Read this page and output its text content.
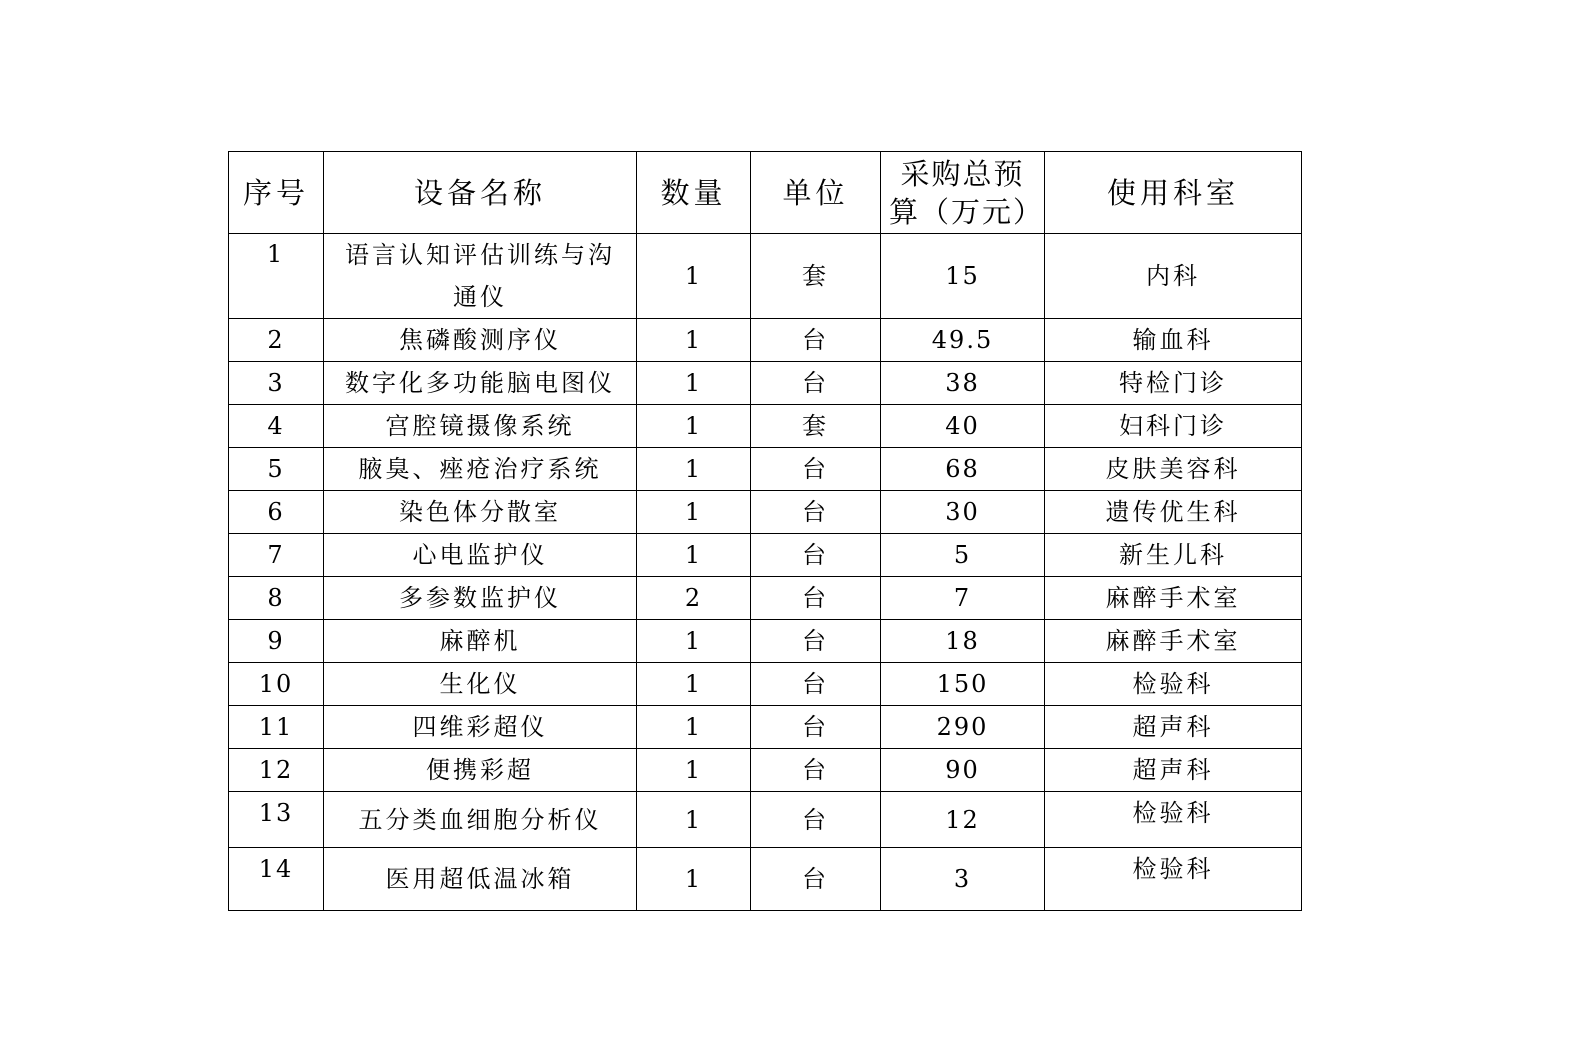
序号	设备名称	数量	单位	采购总预算（万元）	使用科室
1	语言认知评估训练与沟通仪	1	套	15	内科
2	焦磷酸测序仪	1	台	49.5	输血科
3	数字化多功能脑电图仪	1	台	38	特检门诊
4	宫腔镜摄像系统	1	套	40	妇科门诊
5	腋臭、痤疮治疗系统	1	台	68	皮肤美容科
6	染色体分散室	1	台	30	遗传优生科
7	心电监护仪	1	台	5	新生儿科
8	多参数监护仪	2	台	7	麻醉手术室
9	麻醉机	1	台	18	麻醉手术室
10	生化仪	1	台	150	检验科
11	四维彩超仪	1	台	290	超声科
12	便携彩超	1	台	90	超声科
13	五分类血细胞分析仪	1	台	12	检验科
14	医用超低温冰箱	1	台	3	检验科
